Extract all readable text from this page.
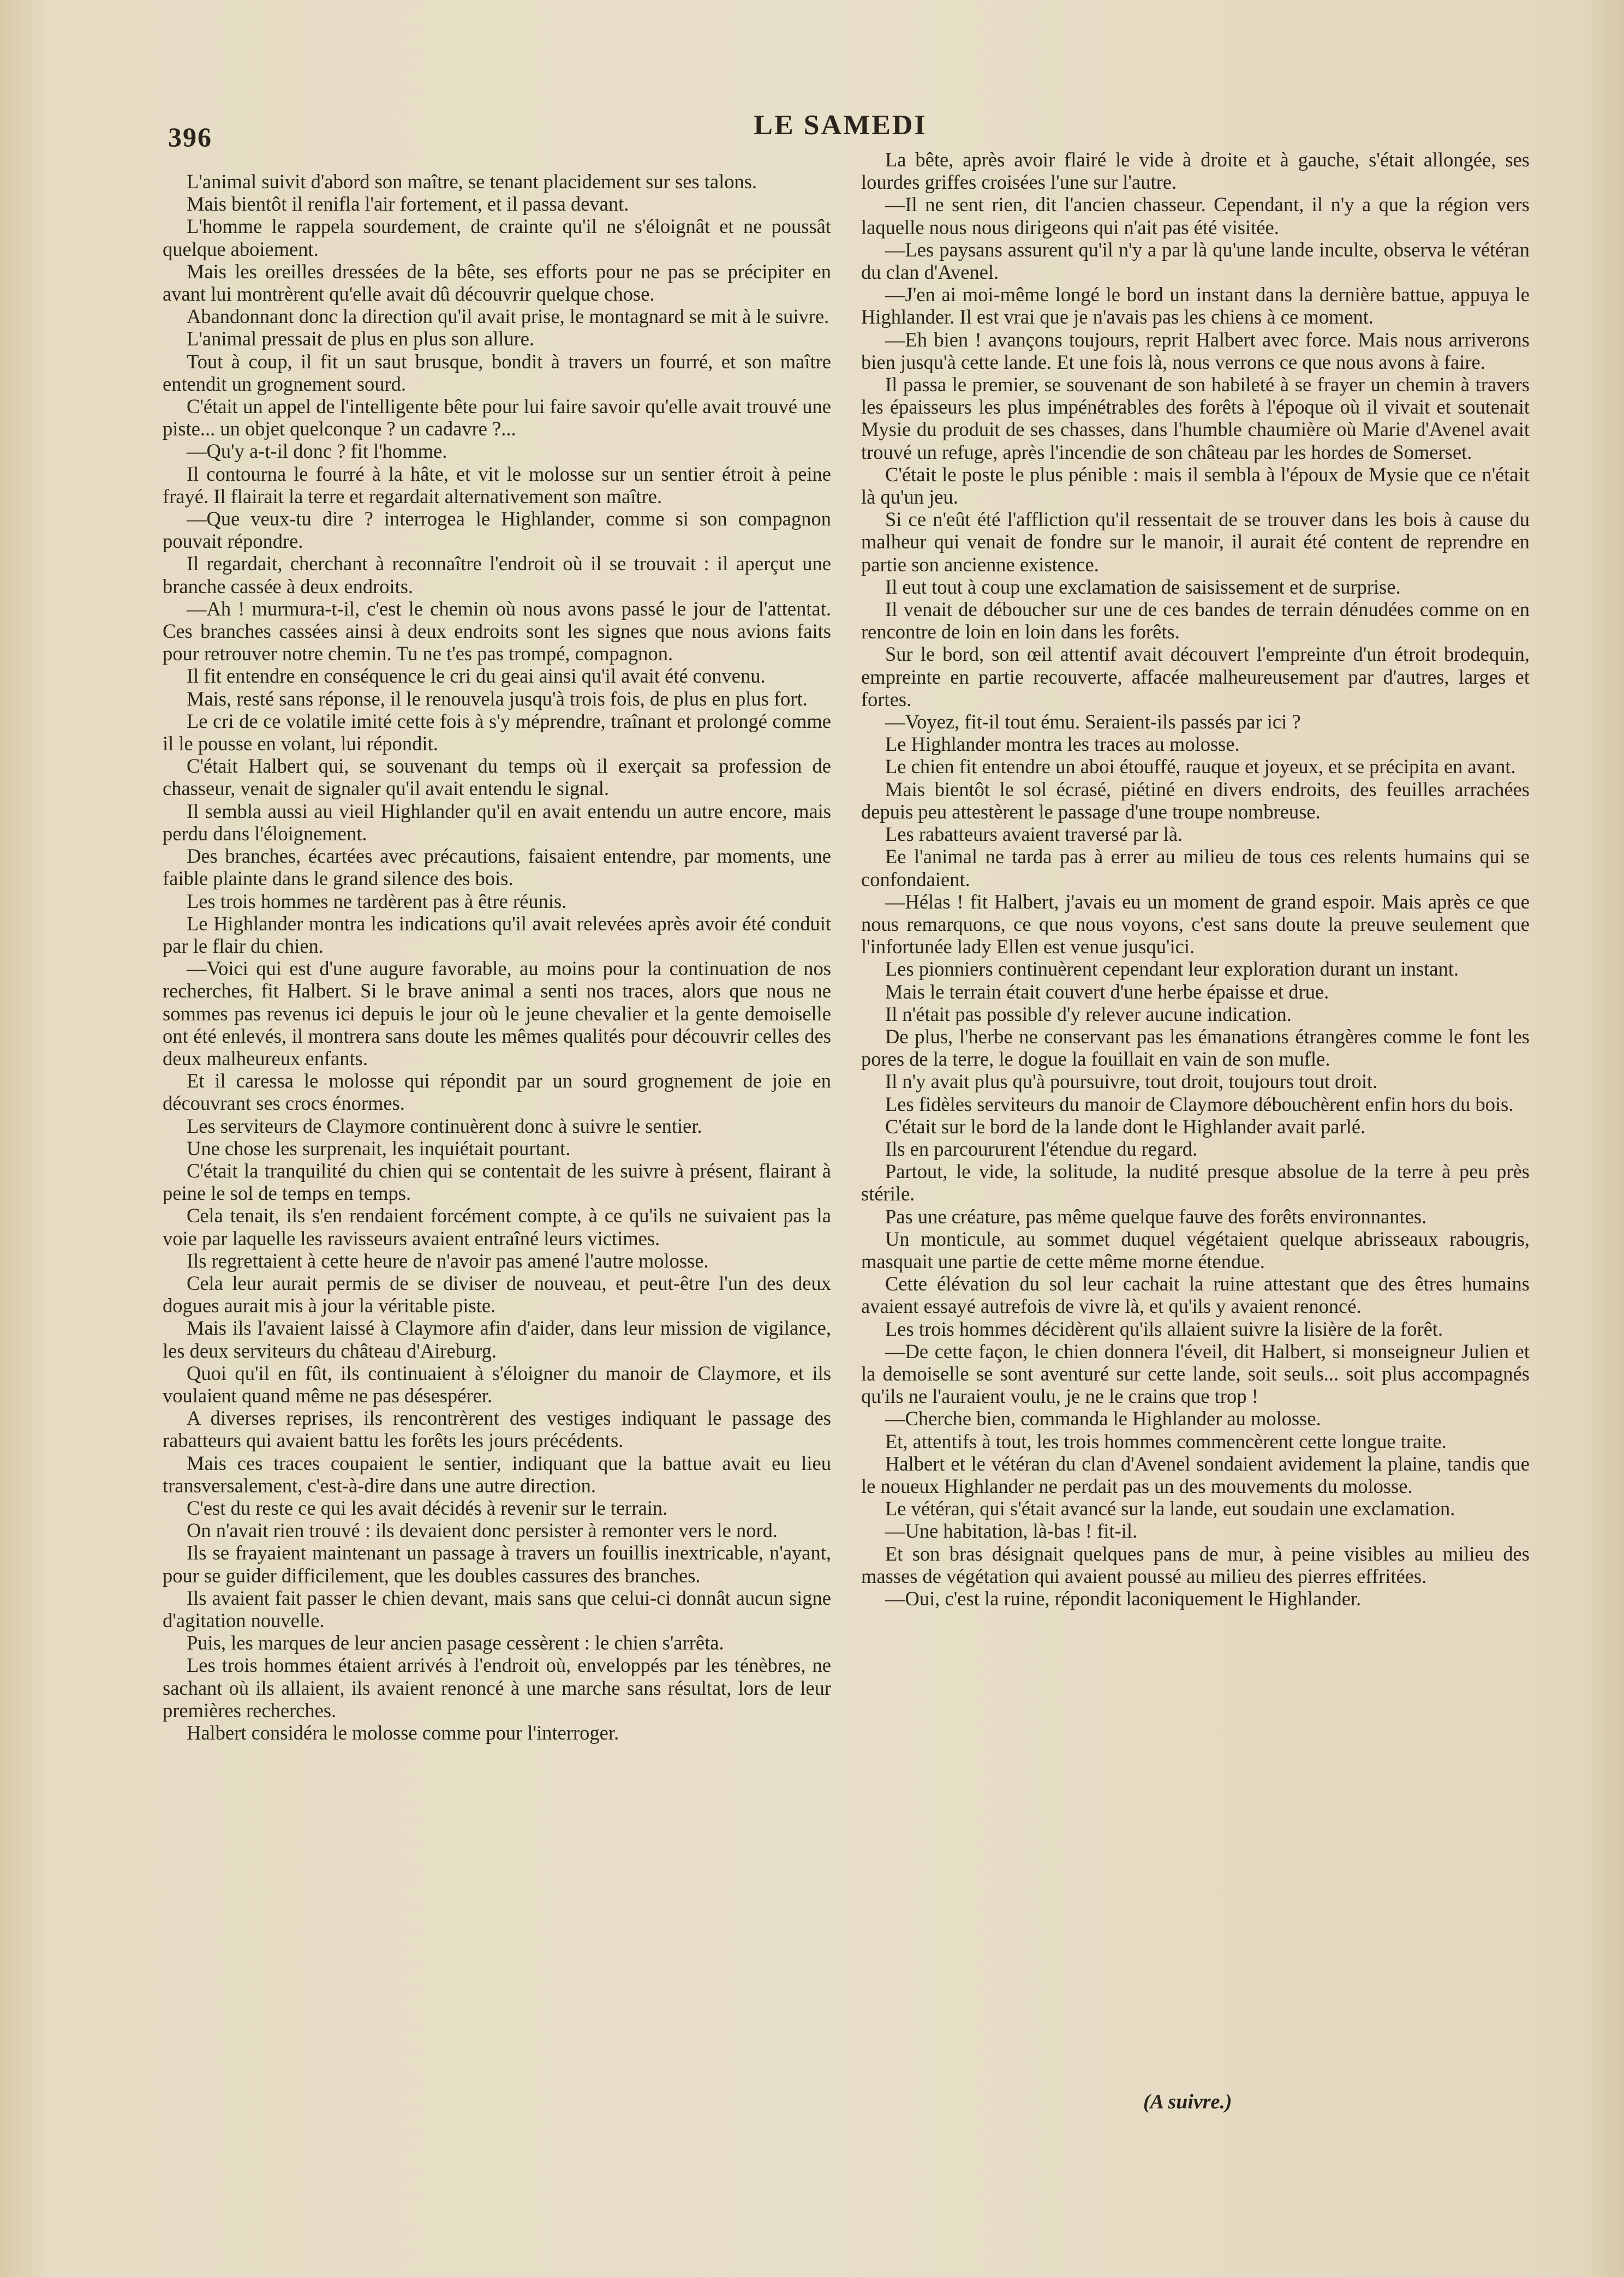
396	LE SAMEDI

L'animal suivit d'abord son maître, se tenant placidement sur ses talons.

Mais bientôt il renifla l'air fortement, et il passa devant.

L'homme le rappela sourdement, de crainte qu'il ne s'éloignât et ne poussât quelque aboiement.

Mais les oreilles dressées de la bête, ses efforts pour ne pas se précipiter en avant lui montrèrent qu'elle avait dû découvrir quelque chose.

Abandonnant donc la direction qu'il avait prise, le montagnard se mit à le suivre.

L'animal pressait de plus en plus son allure.

Tout à coup, il fit un saut brusque, bondit à travers un fourré, et son maître entendit un grognement sourd.

C'était un appel de l'intelligente bête pour lui faire savoir qu'elle avait trouvé une piste... un objet quelconque ? un cadavre ?...

—Qu'y a-t-il donc ? fit l'homme.

Il contourna le fourré à la hâte, et vit le molosse sur un sentier étroit à peine frayé. Il flairait la terre et regardait alternativement son maître.

—Que veux-tu dire ? interrogea le Highlander, comme si son compagnon pouvait répondre.

Il regardait, cherchant à reconnaître l'endroit où il se trouvait : il aperçut une branche cassée à deux endroits.

—Ah ! murmura-t-il, c'est le chemin où nous avons passé le jour de l'attentat. Ces branches cassées ainsi à deux endroits sont les signes que nous avions faits pour retrouver notre chemin. Tu ne t'es pas trompé, compagnon.

Il fit entendre en conséquence le cri du geai ainsi qu'il avait été convenu.

Mais, resté sans réponse, il le renouvela jusqu'à trois fois, de plus en plus fort.

Le cri de ce volatile imité cette fois à s'y méprendre, traînant et prolongé comme il le pousse en volant, lui répondit.

C'était Halbert qui, se souvenant du temps où il exerçait sa profession de chasseur, venait de signaler qu'il avait entendu le signal.

Il sembla aussi au vieil Highlander qu'il en avait entendu un autre encore, mais perdu dans l'éloignement.

Des branches, écartées avec précautions, faisaient entendre, par moments, une faible plainte dans le grand silence des bois.

Les trois hommes ne tardèrent pas à être réunis.

Le Highlander montra les indications qu'il avait relevées après avoir été conduit par le flair du chien.

—Voici qui est d'une augure favorable, au moins pour la continuation de nos recherches, fit Halbert. Si le brave animal a senti nos traces, alors que nous ne sommes pas revenus ici depuis le jour où le jeune chevalier et la gente demoiselle ont été enlevés, il montrera sans doute les mêmes qualités pour découvrir celles des deux malheureux enfants.

Et il caressa le molosse qui répondit par un sourd grognement de joie en découvrant ses crocs énormes.

Les serviteurs de Claymore continuèrent donc à suivre le sentier.

Une chose les surprenait, les inquiétait pourtant.

C'était la tranquilité du chien qui se contentait de les suivre à présent, flairant à peine le sol de temps en temps.

Cela tenait, ils s'en rendaient forcément compte, à ce qu'ils ne suivaient pas la voie par laquelle les ravisseurs avaient entraîné leurs victimes.

Ils regrettaient à cette heure de n'avoir pas amené l'autre molosse.

Cela leur aurait permis de se diviser de nouveau, et peut-être l'un des deux dogues aurait mis à jour la véritable piste.

Mais ils l'avaient laissé à Claymore afin d'aider, dans leur mission de vigilance, les deux serviteurs du château d'Aireburg.

Quoi qu'il en fût, ils continuaient à s'éloigner du manoir de Claymore, et ils voulaient quand même ne pas désespérer.

A diverses reprises, ils rencontrèrent des vestiges indiquant le passage des rabatteurs qui avaient battu les forêts les jours précédents.

Mais ces traces coupaient le sentier, indiquant que la battue avait eu lieu transversalement, c'est-à-dire dans une autre direction.

C'est du reste ce qui les avait décidés à revenir sur le terrain.

On n'avait rien trouvé : ils devaient donc persister à remonter vers le nord.

Ils se frayaient maintenant un passage à travers un fouillis inextricable, n'ayant, pour se guider difficilement, que les doubles cassures des branches.

Ils avaient fait passer le chien devant, mais sans que celui-ci donnât aucun signe d'agitation nouvelle.

Puis, les marques de leur ancien pasage cessèrent : le chien s'arrêta.

Les trois hommes étaient arrivés à l'endroit où, enveloppés par les ténèbres, ne sachant où ils allaient, ils avaient renoncé à une marche sans résultat, lors de leur premières recherches.

Halbert considéra le molosse comme pour l'interroger.

La bête, après avoir flairé le vide à droite et à gauche, s'était allongée, ses lourdes griffes croisées l'une sur l'autre.

—Il ne sent rien, dit l'ancien chasseur. Cependant, il n'y a que la région vers laquelle nous nous dirigeons qui n'ait pas été visitée.

—Les paysans assurent qu'il n'y a par là qu'une lande inculte, observa le vétéran du clan d'Avenel.

—J'en ai moi-même longé le bord un instant dans la dernière battue, appuya le Highlander. Il est vrai que je n'avais pas les chiens à ce moment.

—Eh bien ! avançons toujours, reprit Halbert avec force. Mais nous arriverons bien jusqu'à cette lande. Et une fois là, nous verrons ce que nous avons à faire.

Il passa le premier, se souvenant de son habileté à se frayer un chemin à travers les épaisseurs les plus impénétrables des forêts à l'époque où il vivait et soutenait Mysie du produit de ses chasses, dans l'humble chaumière où Marie d'Avenel avait trouvé un refuge, après l'incendie de son château par les hordes de Somerset.

C'était le poste le plus pénible : mais il sembla à l'époux de Mysie que ce n'était là qu'un jeu.

Si ce n'eût été l'affliction qu'il ressentait de se trouver dans les bois à cause du malheur qui venait de fondre sur le manoir, il aurait été content de reprendre en partie son ancienne existence.

Il eut tout à coup une exclamation de saisissement et de surprise.

Il venait de déboucher sur une de ces bandes de terrain dénudées comme on en rencontre de loin en loin dans les forêts.

Sur le bord, son œil attentif avait découvert l'empreinte d'un étroit brodequin, empreinte en partie recouverte, affacée malheureusement par d'autres, larges et fortes.

—Voyez, fit-il tout ému. Seraient-ils passés par ici ?

Le Highlander montra les traces au molosse.

Le chien fit entendre un aboi étouffé, rauque et joyeux, et se précipita en avant.

Mais bientôt le sol écrasé, piétiné en divers endroits, des feuilles arrachées depuis peu attestèrent le passage d'une troupe nombreuse.

Les rabatteurs avaient traversé par là.

Ee l'animal ne tarda pas à errer au milieu de tous ces relents humains qui se confondaient.

—Hélas ! fit Halbert, j'avais eu un moment de grand espoir. Mais après ce que nous remarquons, ce que nous voyons, c'est sans doute la preuve seulement que l'infortunée lady Ellen est venue jusqu'ici.

Les pionniers continuèrent cependant leur exploration durant un instant.

Mais le terrain était couvert d'une herbe épaisse et drue.

Il n'était pas possible d'y relever aucune indication.

De plus, l'herbe ne conservant pas les émanations étrangères comme le font les pores de la terre, le dogue la fouillait en vain de son mufle.

Il n'y avait plus qu'à poursuivre, tout droit, toujours tout droit.

Les fidèles serviteurs du manoir de Claymore débouchèrent enfin hors du bois.

C'était sur le bord de la lande dont le Highlander avait parlé.

Ils en parcoururent l'étendue du regard.

Partout, le vide, la solitude, la nudité presque absolue de la terre à peu près stérile.

Pas une créature, pas même quelque fauve des forêts environnantes.

Un monticule, au sommet duquel végétaient quelque abrisseaux rabougris, masquait une partie de cette même morne étendue.

Cette élévation du sol leur cachait la ruine attestant que des êtres humains avaient essayé autrefois de vivre là, et qu'ils y avaient renoncé.

Les trois hommes décidèrent qu'ils allaient suivre la lisière de la forêt.

—De cette façon, le chien donnera l'éveil, dit Halbert, si monseigneur Julien et la demoiselle se sont aventuré sur cette lande, soit seuls... soit plus accompagnés qu'ils ne l'auraient voulu, je ne le crains que trop !

—Cherche bien, commanda le Highlander au molosse.

Et, attentifs à tout, les trois hommes commencèrent cette longue traite.

Halbert et le vétéran du clan d'Avenel sondaient avidement la plaine, tandis que le noueux Highlander ne perdait pas un des mouvements du molosse.

Le vétéran, qui s'était avancé sur la lande, eut soudain une exclamation.

—Une habitation, là-bas ! fit-il.

Et son bras désignait quelques pans de mur, à peine visibles au milieu des masses de végétation qui avaient poussé au milieu des pierres effritées.

—Oui, c'est la ruine, répondit laconiquement le Highlander.

(A suivre.)
